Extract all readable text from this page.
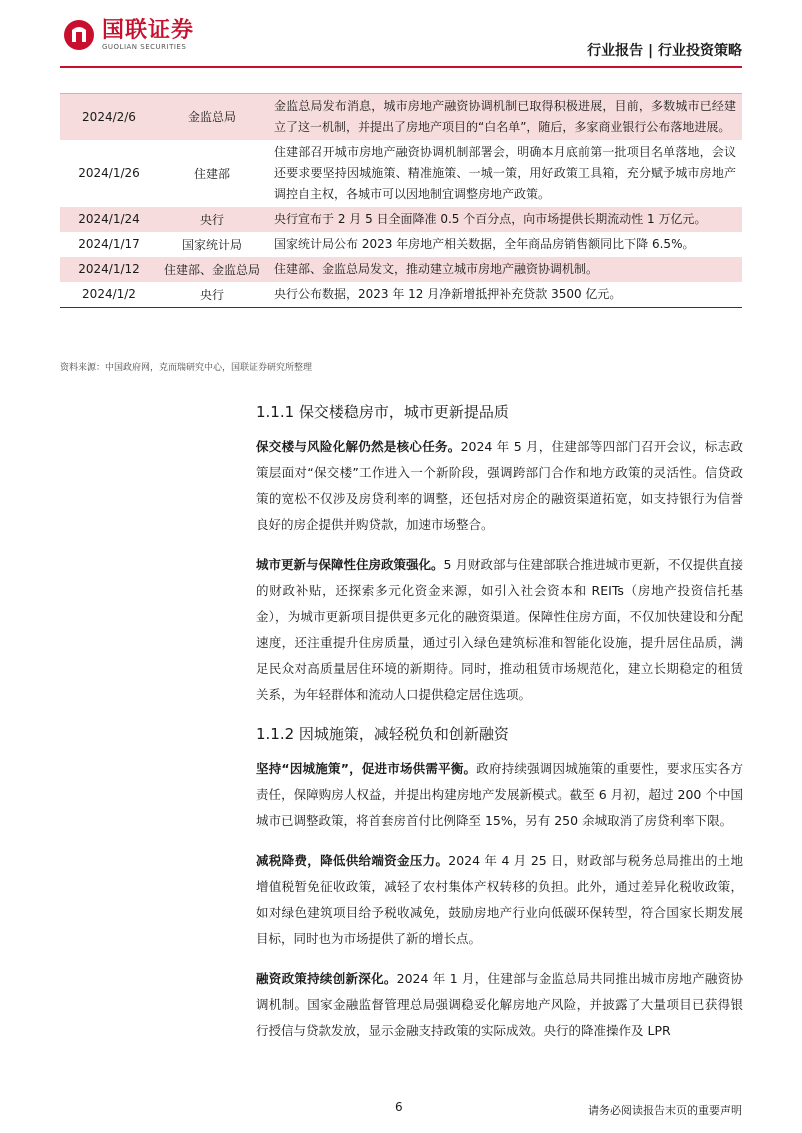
国联证券
GUOLIAN SECURITIES	行业报告 | 行业投资策略
2024/2/6	金监总局	金监总局发布消息，城市房地产融资协调机制已取得积极进展，目前，多数城市已经建立了这一机制，并提出了房地产项目的“白名单”，随后，多家商业银行公布落地进展。
2024/1/26	住建部	住建部召开城市房地产融资协调机制部署会，明确本月底前第一批项目名单落地，会议还要求要坚持因城施策、精准施策、一城一策，用好政策工具箱，充分赋予城市房地产调控自主权，各城市可以因地制宜调整房地产政策。
2024/1/24	央行	央行宣布于 2 月 5 日全面降准 0.5 个百分点，向市场提供长期流动性 1 万亿元。
2024/1/17	国家统计局	国家统计局公布 2023 年房地产相关数据，全年商品房销售额同比下降 6.5%。
2024/1/12	住建部、金监总局	住建部、金监总局发文，推动建立城市房地产融资协调机制。
2024/1/2	央行	央行公布数据，2023 年 12 月净新增抵押补充贷款 3500 亿元。
资料来源：中国政府网，克而瑞研究中心，国联证券研究所整理
1.1.1 保交楼稳房市，城市更新提品质

保交楼与风险化解仍然是核心任务。2024 年 5 月，住建部等四部门召开会议，标志政策层面对“保交楼”工作进入一个新阶段，强调跨部门合作和地方政策的灵活性。信贷政策的宽松不仅涉及房贷利率的调整，还包括对房企的融资渠道拓宽，如支持银行为信誉良好的房企提供并购贷款，加速市场整合。

城市更新与保障性住房政策强化。5 月财政部与住建部联合推进城市更新，不仅提供直接的财政补贴，还探索多元化资金来源，如引入社会资本和 REITs（房地产投资信托基金），为城市更新项目提供更多元化的融资渠道。保障性住房方面，不仅加快建设和分配速度，还注重提升住房质量，通过引入绿色建筑标准和智能化设施，提升居住品质，满足民众对高质量居住环境的新期待。同时，推动租赁市场规范化，建立长期稳定的租赁关系，为年轻群体和流动人口提供稳定居住选项。

1.1.2 因城施策，减轻税负和创新融资

坚持“因城施策”，促进市场供需平衡。政府持续强调因城施策的重要性，要求压实各方责任，保障购房人权益，并提出构建房地产发展新模式。截至 6 月初，超过 200 个中国城市已调整政策，将首套房首付比例降至 15%，另有 250 余城取消了房贷利率下限。

减税降费，降低供给端资金压力。2024 年 4 月 25 日，财政部与税务总局推出的土地增值税暂免征收政策，减轻了农村集体产权转移的负担。此外，通过差异化税收政策，如对绿色建筑项目给予税收减免，鼓励房地产行业向低碳环保转型，符合国家长期发展目标，同时也为市场提供了新的增长点。

融资政策持续创新深化。2024 年 1 月，住建部与金监总局共同推出城市房地产融资协调机制。国家金融监督管理总局强调稳妥化解房地产风险，并披露了大量项目已获得银行授信与贷款发放，显示金融支持政策的实际成效。央行的降准操作及 LPR

6	请务必阅读报告末页的重要声明
